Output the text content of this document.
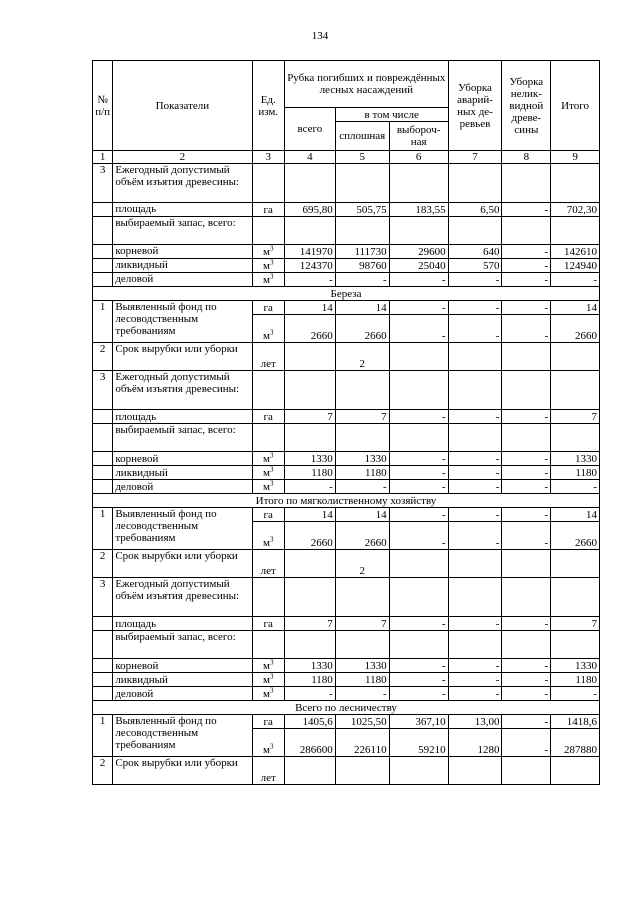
134
№ п/п	Показатели	Ед. изм.	Рубка погибших и повреждённых лесных насаждений			Уборка аварий-ных де-ревьев	Уборка нелик-видной древе-сины	Итого
			всего	в том числе				
				сплошная	выбороч-ная			
1	2	3	4	5	6	7	8	9
3	Ежегодный допустимый объём изъятия древесины:							
	площадь	га	695,80	505,75	183,55	6,50	-	702,30
	выбираемый запас, всего:							
	корневой	$м^3$	141970	111730	29600	640	-	142610
	ликвидный	$м^3$	124370	98760	25040	570	-	124940
	деловой	$м^3$	-	-	-	-	-	-
Береза								
1	Выявленный фонд по лесоводственным требованиям	га	14	14	-	-	-	14
		$м^3$	2660	2660	-	-	-	2660
2	Срок вырубки или уборки	лет		2				
3	Ежегодный допустимый объём изъятия древесины:							
	площадь	га	7	7	-	-	-	7
	выбираемый запас, всего:							
	корневой	$м^3$	1330	1330	-	-	-	1330
	ликвидный	$м^3$	1180	1180	-	-	-	1180
	деловой	$м^3$	-	-	-	-	-	-
Итого по мягколиственному хозяйству								
1	Выявленный фонд по лесоводственным требованиям	га	14	14	-	-	-	14
		$м^3$	2660	2660	-	-	-	2660
2	Срок вырубки или уборки	лет		2				
3	Ежегодный допустимый объём изъятия древесины:							
	площадь	га	7	7	-	-	-	7
	выбираемый запас, всего:							
	корневой	$м^3$	1330	1330	-	-	-	1330
	ликвидный	$м^3$	1180	1180	-	-	-	1180
	деловой	$м^3$	-	-	-	-	-	-
Всего по лесничеству								
1	Выявленный фонд по лесоводственным требованиям	га	1405,6	1025,50	367,10	13,00	-	1418,6
		$м^3$	286600	226110	59210	1280	-	287880
2	Срок вырубки или уборки	лет						
